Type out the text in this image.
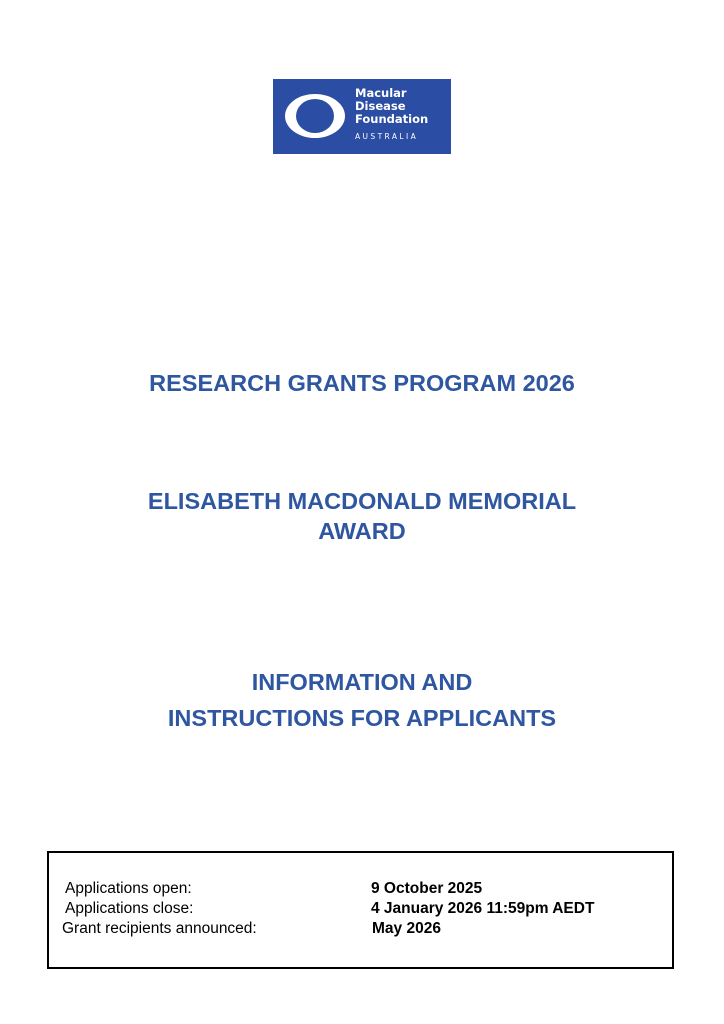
Macular
Disease
Foundation
AUSTRALIA
RESEARCH GRANTS PROGRAM 2026
ELISABETH MACDONALD MEMORIAL
AWARD
INFORMATION AND
INSTRUCTIONS FOR APPLICANTS
Applications open:	9 October 2025
Applications close:	4 January 2026 11:59pm AEDT
Grant recipients announced:	May 2026
